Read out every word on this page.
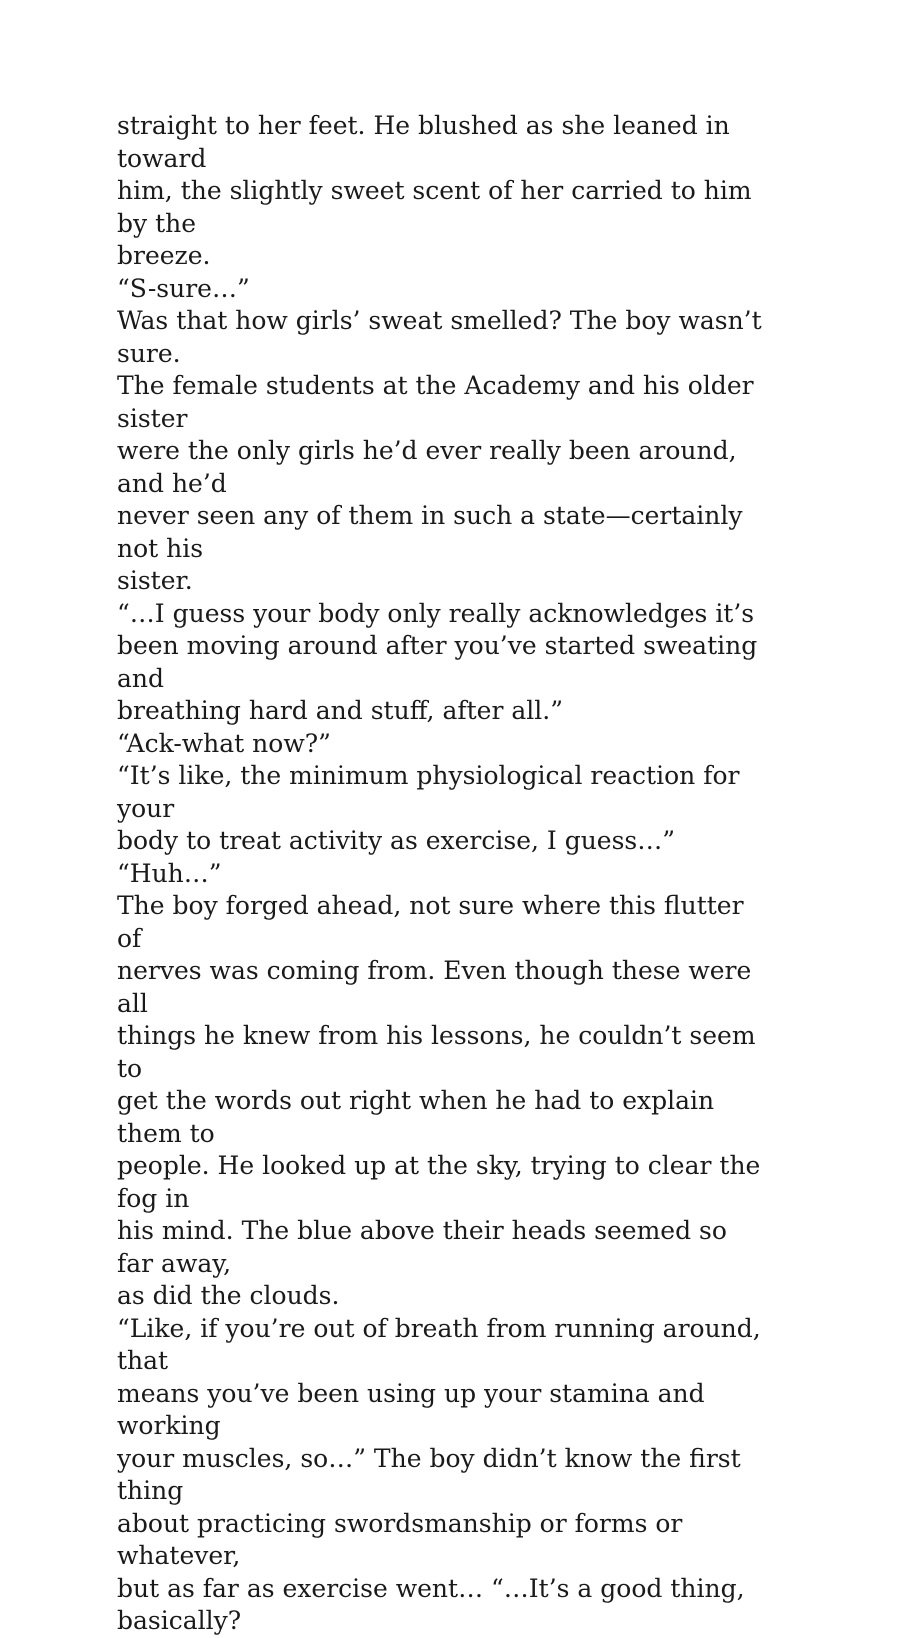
straight to her feet. He blushed as she leaned in toward
him, the slightly sweet scent of her carried to him by the
breeze.

“S-sure…”

Was that how girls’ sweat smelled? The boy wasn’t sure.
The female students at the Academy and his older sister
were the only girls he’d ever really been around, and he’d
never seen any of them in such a state—certainly not his
sister.

“…I guess your body only really acknowledges it’s
been moving around after you’ve started sweating and
breathing hard and stuff, after all.”

“Ack-what now?”

“It’s like, the minimum physiological reaction for your
body to treat activity as exercise, I guess…”

“Huh…”

The boy forged ahead, not sure where this flutter of
nerves was coming from. Even though these were all
things he knew from his lessons, he couldn’t seem to
get the words out right when he had to explain them to
people. He looked up at the sky, trying to clear the fog in
his mind. The blue above their heads seemed so far away,
as did the clouds.

“Like, if you’re out of breath from running around, that
means you’ve been using up your stamina and working
your muscles, so…” The boy didn’t know the first thing
about practicing swordsmanship or forms or whatever,
but as far as exercise went… “…It’s a good thing, basically?
